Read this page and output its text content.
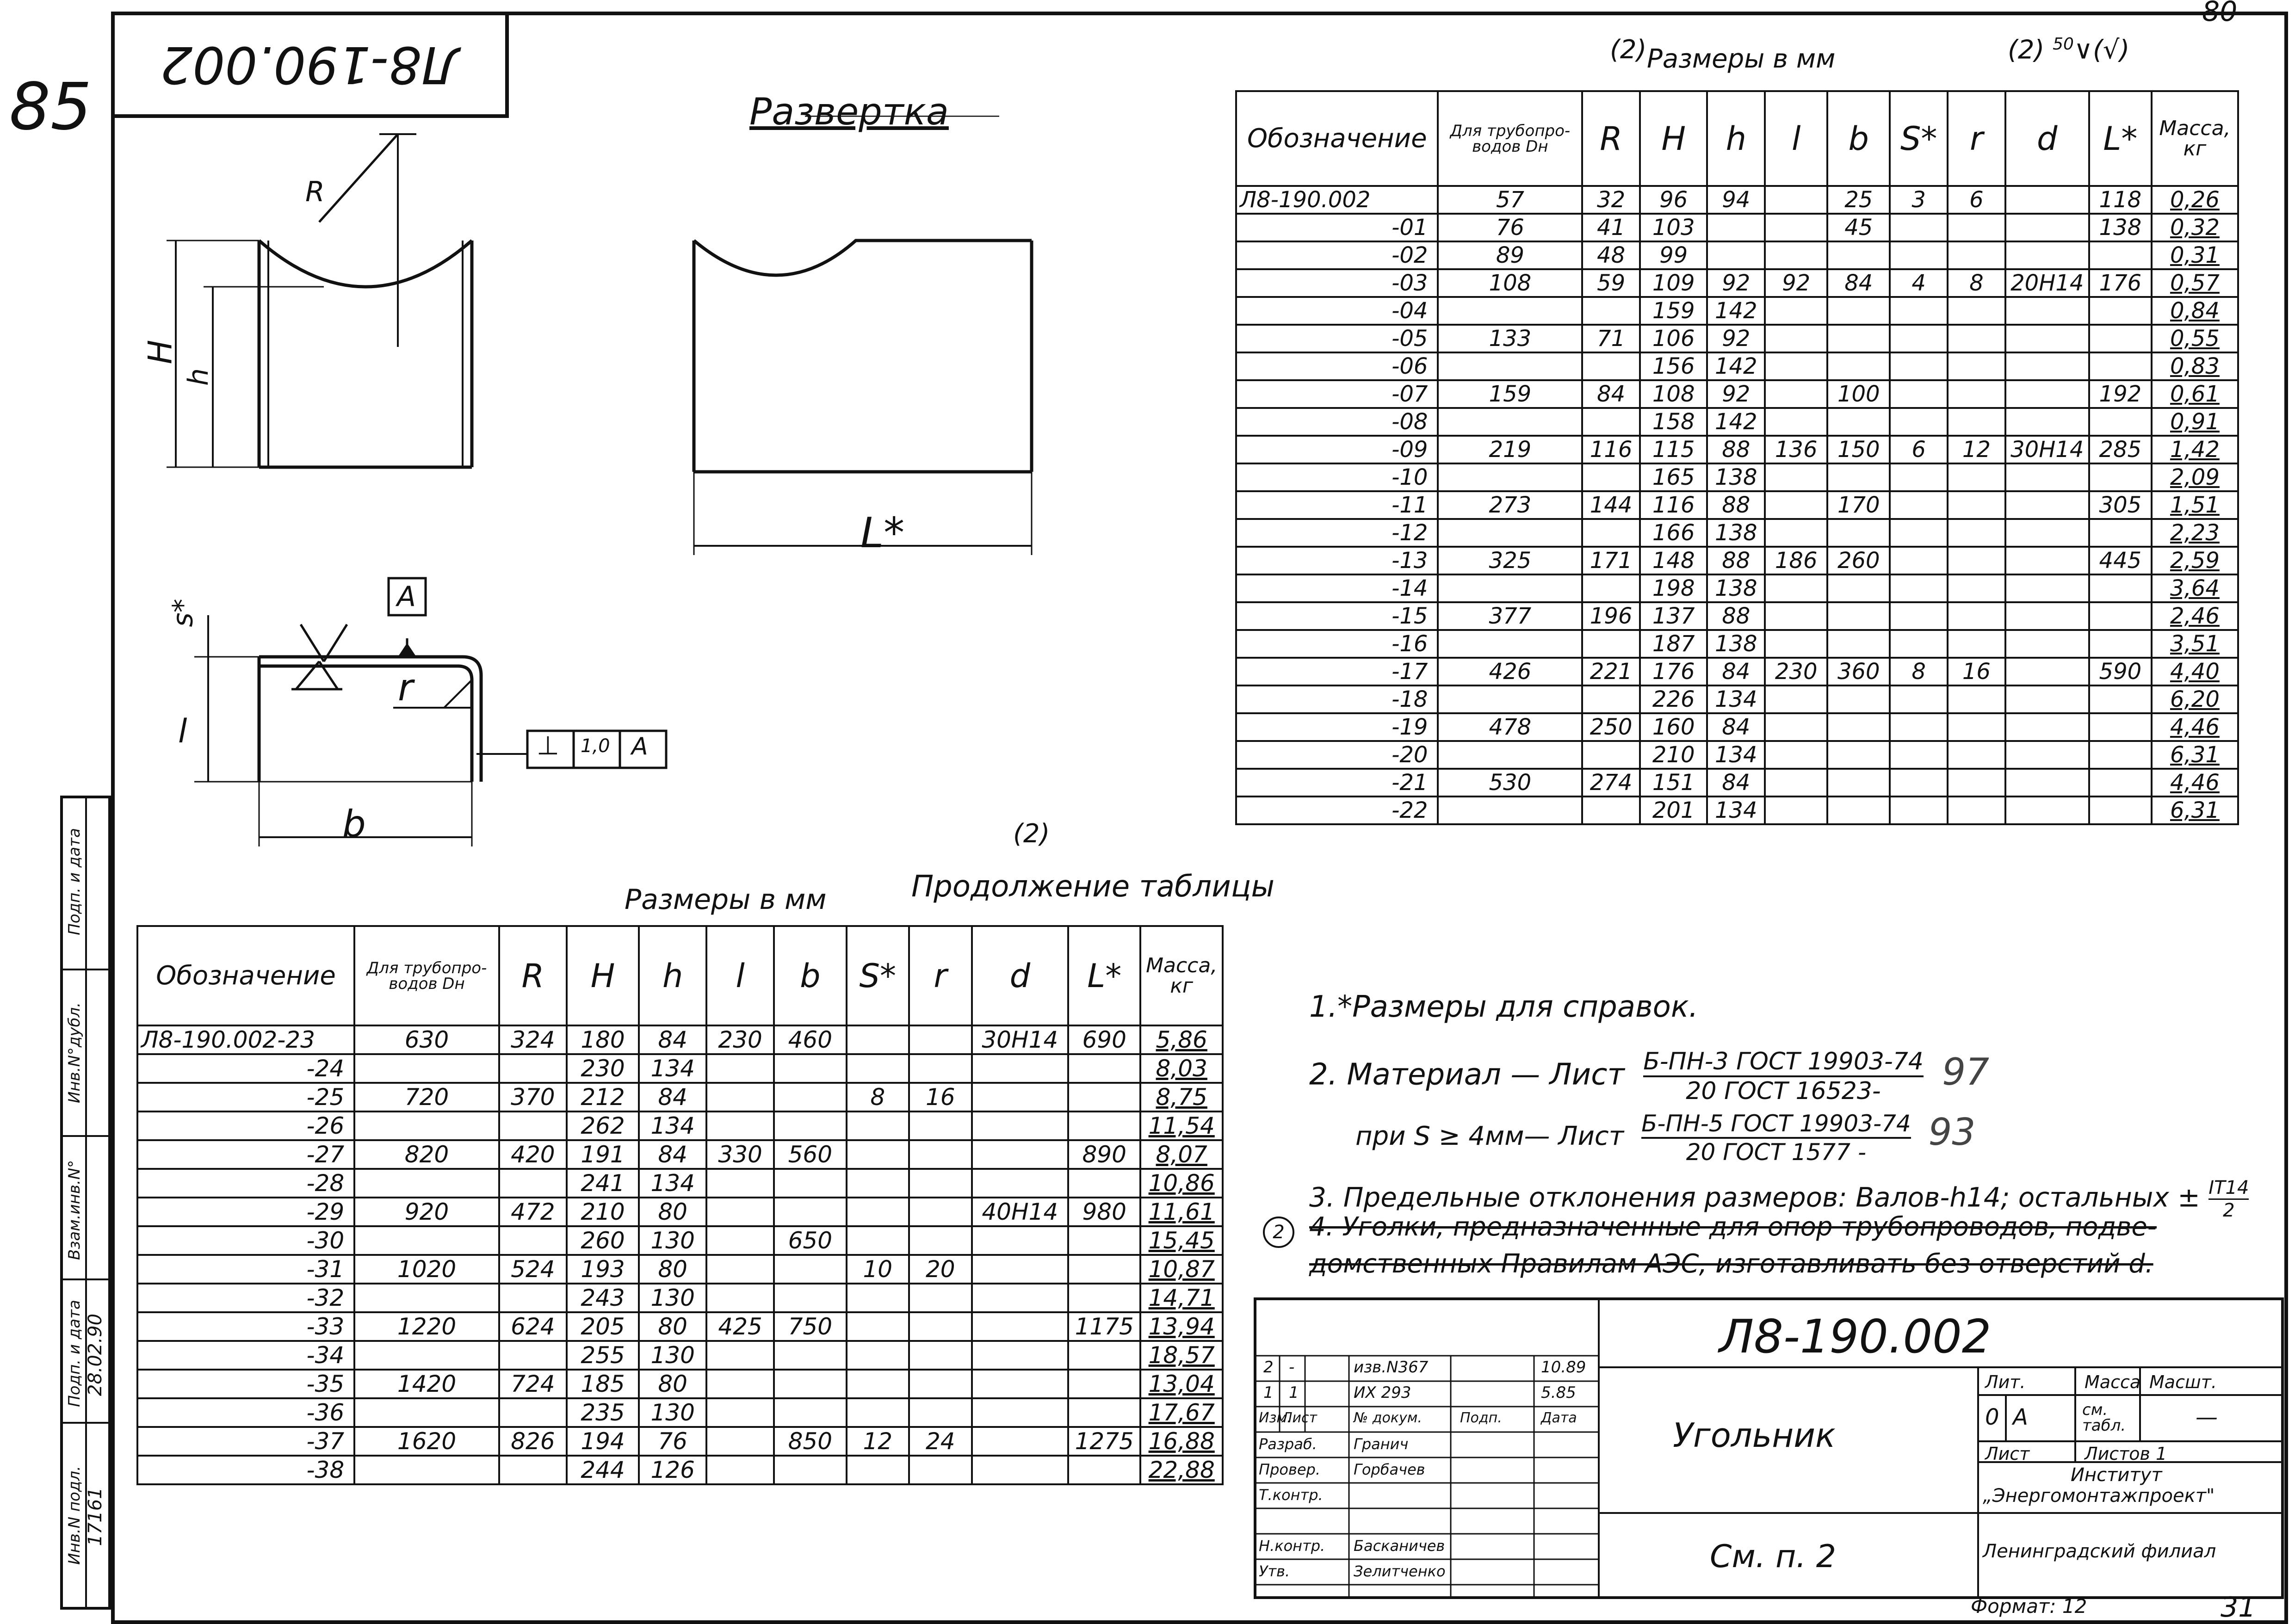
80
85
31
Л8-190.002
Развертка
R
H
h
L*
s*
l
r
b
A
⊥ 1,0 A
(2) Размеры в мм	(2) $^{50}$∨(√)
Обозначение	Для трубопро-водов Dн	R	H	h	l	b	S*	r	d	L*	Масса, кг
Л8-190.002	57	32	96	94		25	3	6		118	0,26
-01	76	41	103			45				138	0,32
-02	89	48	99								0,31
-03	108	59	109	92	92	84	4	8	20H14	176	0,57
-04			159	142							0,84
-05	133	71	106	92							0,55
-06			156	142							0,83
-07	159	84	108	92		100				192	0,61
-08			158	142							0,91
-09	219	116	115	88	136	150	6	12	30H14	285	1,42
-10			165	138							2,09
-11	273	144	116	88		170				305	1,51
-12			166	138							2,23
-13	325	171	148	88	186	260				445	2,59
-14			198	138							3,64
-15	377	196	137	88							2,46
-16			187	138							3,51
-17	426	221	176	84	230	360	8	16		590	4,40
-18			226	134							6,20
-19	478	250	160	84							4,46
-20			210	134							6,31
-21	530	274	151	84							4,46
-22			201	134							6,31
Размеры в мм
(2)
Продолжение таблицы
Обозначение	Для трубопро-водов Dн	R	H	h	l	b	S*	r	d	L*	Масса, кг
Л8-190.002-23	630	324	180	84	230	460			30H14	690	5,86
-24			230	134							8,03
-25	720	370	212	84			8	16			8,75
-26			262	134							11,54
-27	820	420	191	84	330	560				890	8,07
-28			241	134							10,86
-29	920	472	210	80					40H14	980	11,61
-30			260	130		650					15,45
-31	1020	524	193	80			10	20			10,87
-32			243	130							14,71
-33	1220	624	205	80	425	750				1175	13,94
-34			255	130							18,57
-35	1420	724	185	80							13,04
-36			235	130							17,67
-37	1620	826	194	76		850	12	24		1275	16,88
-38			244	126							22,88
1.*Размеры для справок.
2. Материал — Лист Б-ПН-3 ГОСТ 19903-74
20 ГОСТ 16523-	97
при S ≥ 4мм— Лист Б-ПН-5 ГОСТ 19903-74
20 ГОСТ 1577 -	93
3. Предельные отклонения размеров: Валов-h14; остальных ± $\frac{IT14}{2}$
2 4. Уголки, предназначенные для опор трубопроводов, подве-
домственных Правилам АЭС, изготавливать без отверстий d.
2 -	изв.N367	10.89
1 1	ИХ 293	5.85
Изм.
Лист	№ докум.	Подп.	Дата
Разраб. Гранич
Провер. Горбачев
Т.контр.
Н.контр. Басканичев
Утв.	Зелитченко
Л8-190.002
Угольник
См. п. 2
Лит.	Масса Масшт.
0 A	см. табл.	—
Лист	Листов 1
Институт
„Энергомонтажпроект"
Ленинградский филиал
Формат: 12
Инв.N подл.
Подп. и дата
Взам.инв.N°
Инв.N°дубл.
Подп. и дата
17161
28.02.90
